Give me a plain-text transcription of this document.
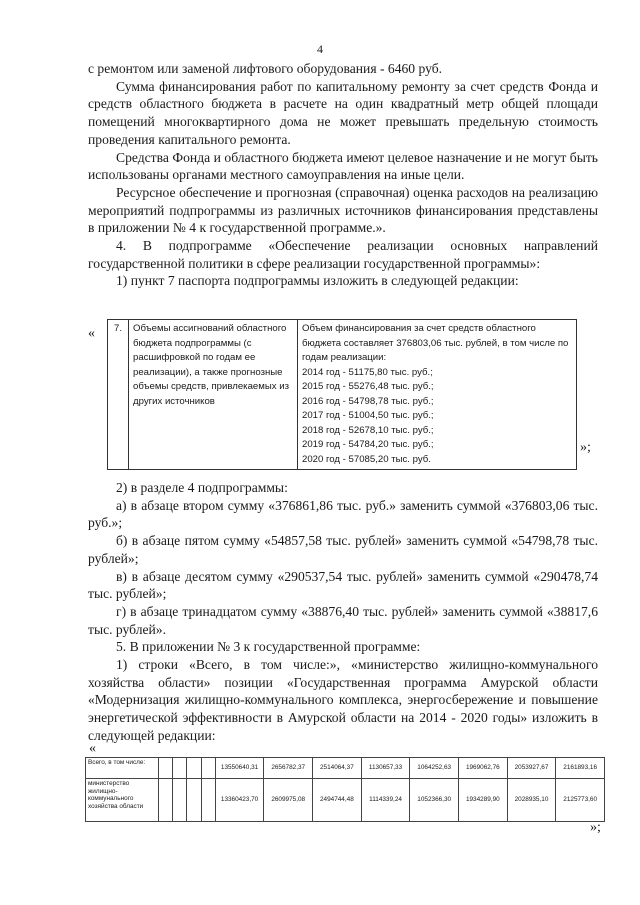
4

с ремонтом или заменой лифтового оборудования - 6460 руб.

Сумма финансирования работ по капитальному ремонту за счет средств Фонда и средств областного бюджета в расчете на один квадратный метр общей площади помещений многоквартирного дома не может превышать предельную стоимость проведения капитального ремонта.

Средства Фонда и областного бюджета имеют целевое назначение и не могут быть использованы органами местного самоуправления на иные цели.

Ресурсное обеспечение и прогнозная (справочная) оценка расходов на реализацию мероприятий подпрограммы из различных источников финансирования представлены в приложении № 4 к государственной программе.».

4. В подпрограмме «Обеспечение реализации основных направлений государственной политики в сфере реализации государственной программы»:

1) пункт 7 паспорта подпрограммы изложить в следующей редакции:

« 7.	Объемы ассигнований областного бюджета подпрограммы (с расшифровкой по годам ее реализации), а также прогнозные объемы средств, привлекаемых из других источников	
Объем финансирования за счет средств областного бюджета составляет 376803,06 тыс. рублей, в том числе по годам реализации:
2014 год - 51175,80 тыс. руб.;
2015 год - 55276,48 тыс. руб.;
2016 год - 54798,78 тыс. руб.;
2017 год - 51004,50 тыс. руб.;
2018 год - 52678,10 тыс. руб.;
2019 год - 54784,20 тыс. руб.;
2020 год - 57085,20 тыс. руб.
»;

2) в разделе 4 подпрограммы:

а) в абзаце втором сумму «376861,86 тыс. руб.» заменить суммой «376803,06 тыс. руб.»;

б) в абзаце пятом сумму «54857,58 тыс. рублей» заменить суммой «54798,78 тыс. рублей»;

в) в абзаце десятом сумму «290537,54 тыс. рублей» заменить суммой «290478,74 тыс. рублей»;

г) в абзаце тринадцатом сумму «38876,40 тыс. рублей» заменить суммой «38817,6 тыс. рублей».

5. В приложении № 3 к государственной программе:

1) строки «Всего, в том числе:», «министерство жилищно-коммунального хозяйства области» позиции «Государственная программа Амурской области «Модернизация жилищно-коммунального комплекса, энергосбережение и повышение энергетической эффективности в Амурской области на 2014 - 2020 годы» изложить в следующей редакции:

«
Всего, в том числе:					13550640,31	2656782,37	2514064,37	1130657,33	1064252,63	1969062,76	2053927,67	2161893,16
министерство жилищно-коммунального хозяйства области					13360423,70	2609975,08	2494744,48	1114339,24	1052366,30	1934289,90	2028935,10	2125773,60
»;
